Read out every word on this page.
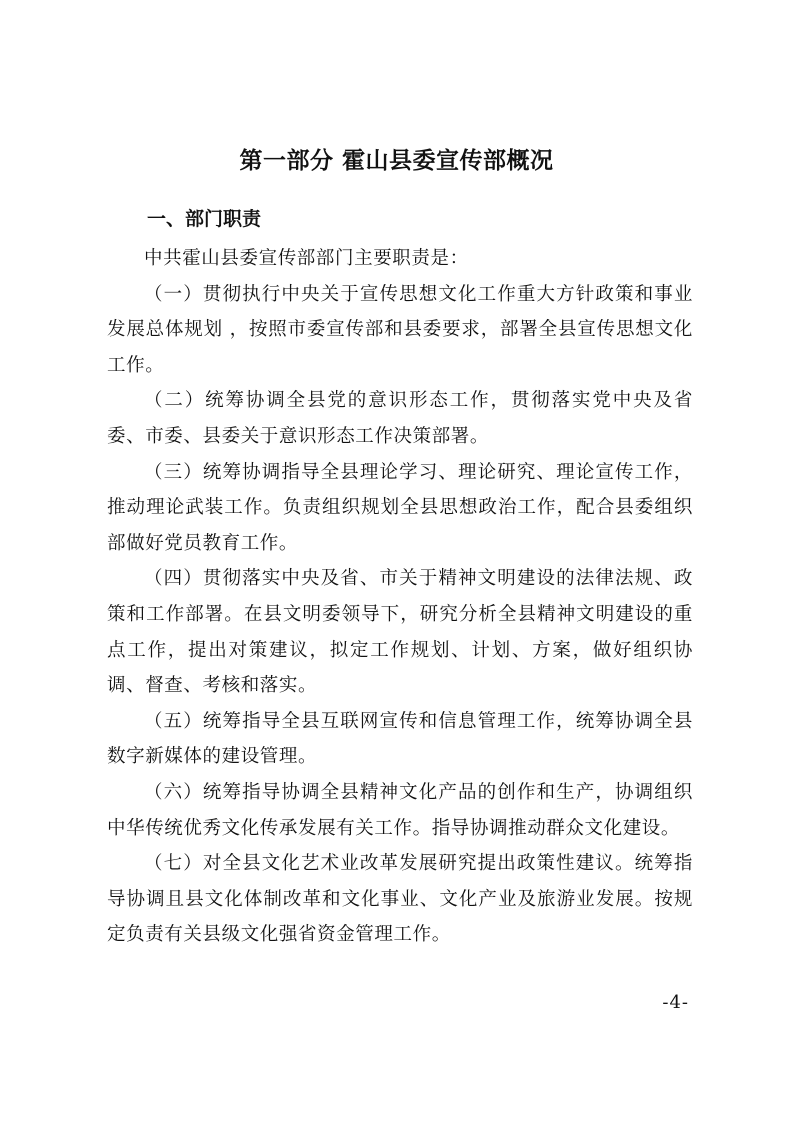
第一部分 霍山县委宣传部概况
一、部门职责

中共霍山县委宣传部部门主要职责是：

（一）贯彻执行中央关于宣传思想文化工作重大方针政策和事业发展总体规划 ，按照市委宣传部和县委要求，部署全县宣传思想文化工作。

（二）统筹协调全县党的意识形态工作，贯彻落实党中央及省委、市委、县委关于意识形态工作决策部署。

（三）统筹协调指导全县理论学习、理论研究、理论宣传工作，推动理论武装工作。负责组织规划全县思想政治工作，配合县委组织部做好党员教育工作。

（四）贯彻落实中央及省、市关于精神文明建设的法律法规、政策和工作部署。在县文明委领导下，研究分析全县精神文明建设的重点工作，提出对策建议，拟定工作规划、计划、方案，做好组织协调、督查、考核和落实。

（五）统筹指导全县互联网宣传和信息管理工作，统筹协调全县数字新媒体的建设管理。

（六）统筹指导协调全县精神文化产品的创作和生产，协调组织中华传统优秀文化传承发展有关工作。指导协调推动群众文化建设。

（七）对全县文化艺术业改革发展研究提出政策性建议。统筹指导协调且县文化体制改革和文化事业、文化产业及旅游业发展。按规定负责有关县级文化强省资金管理工作。

-4-
